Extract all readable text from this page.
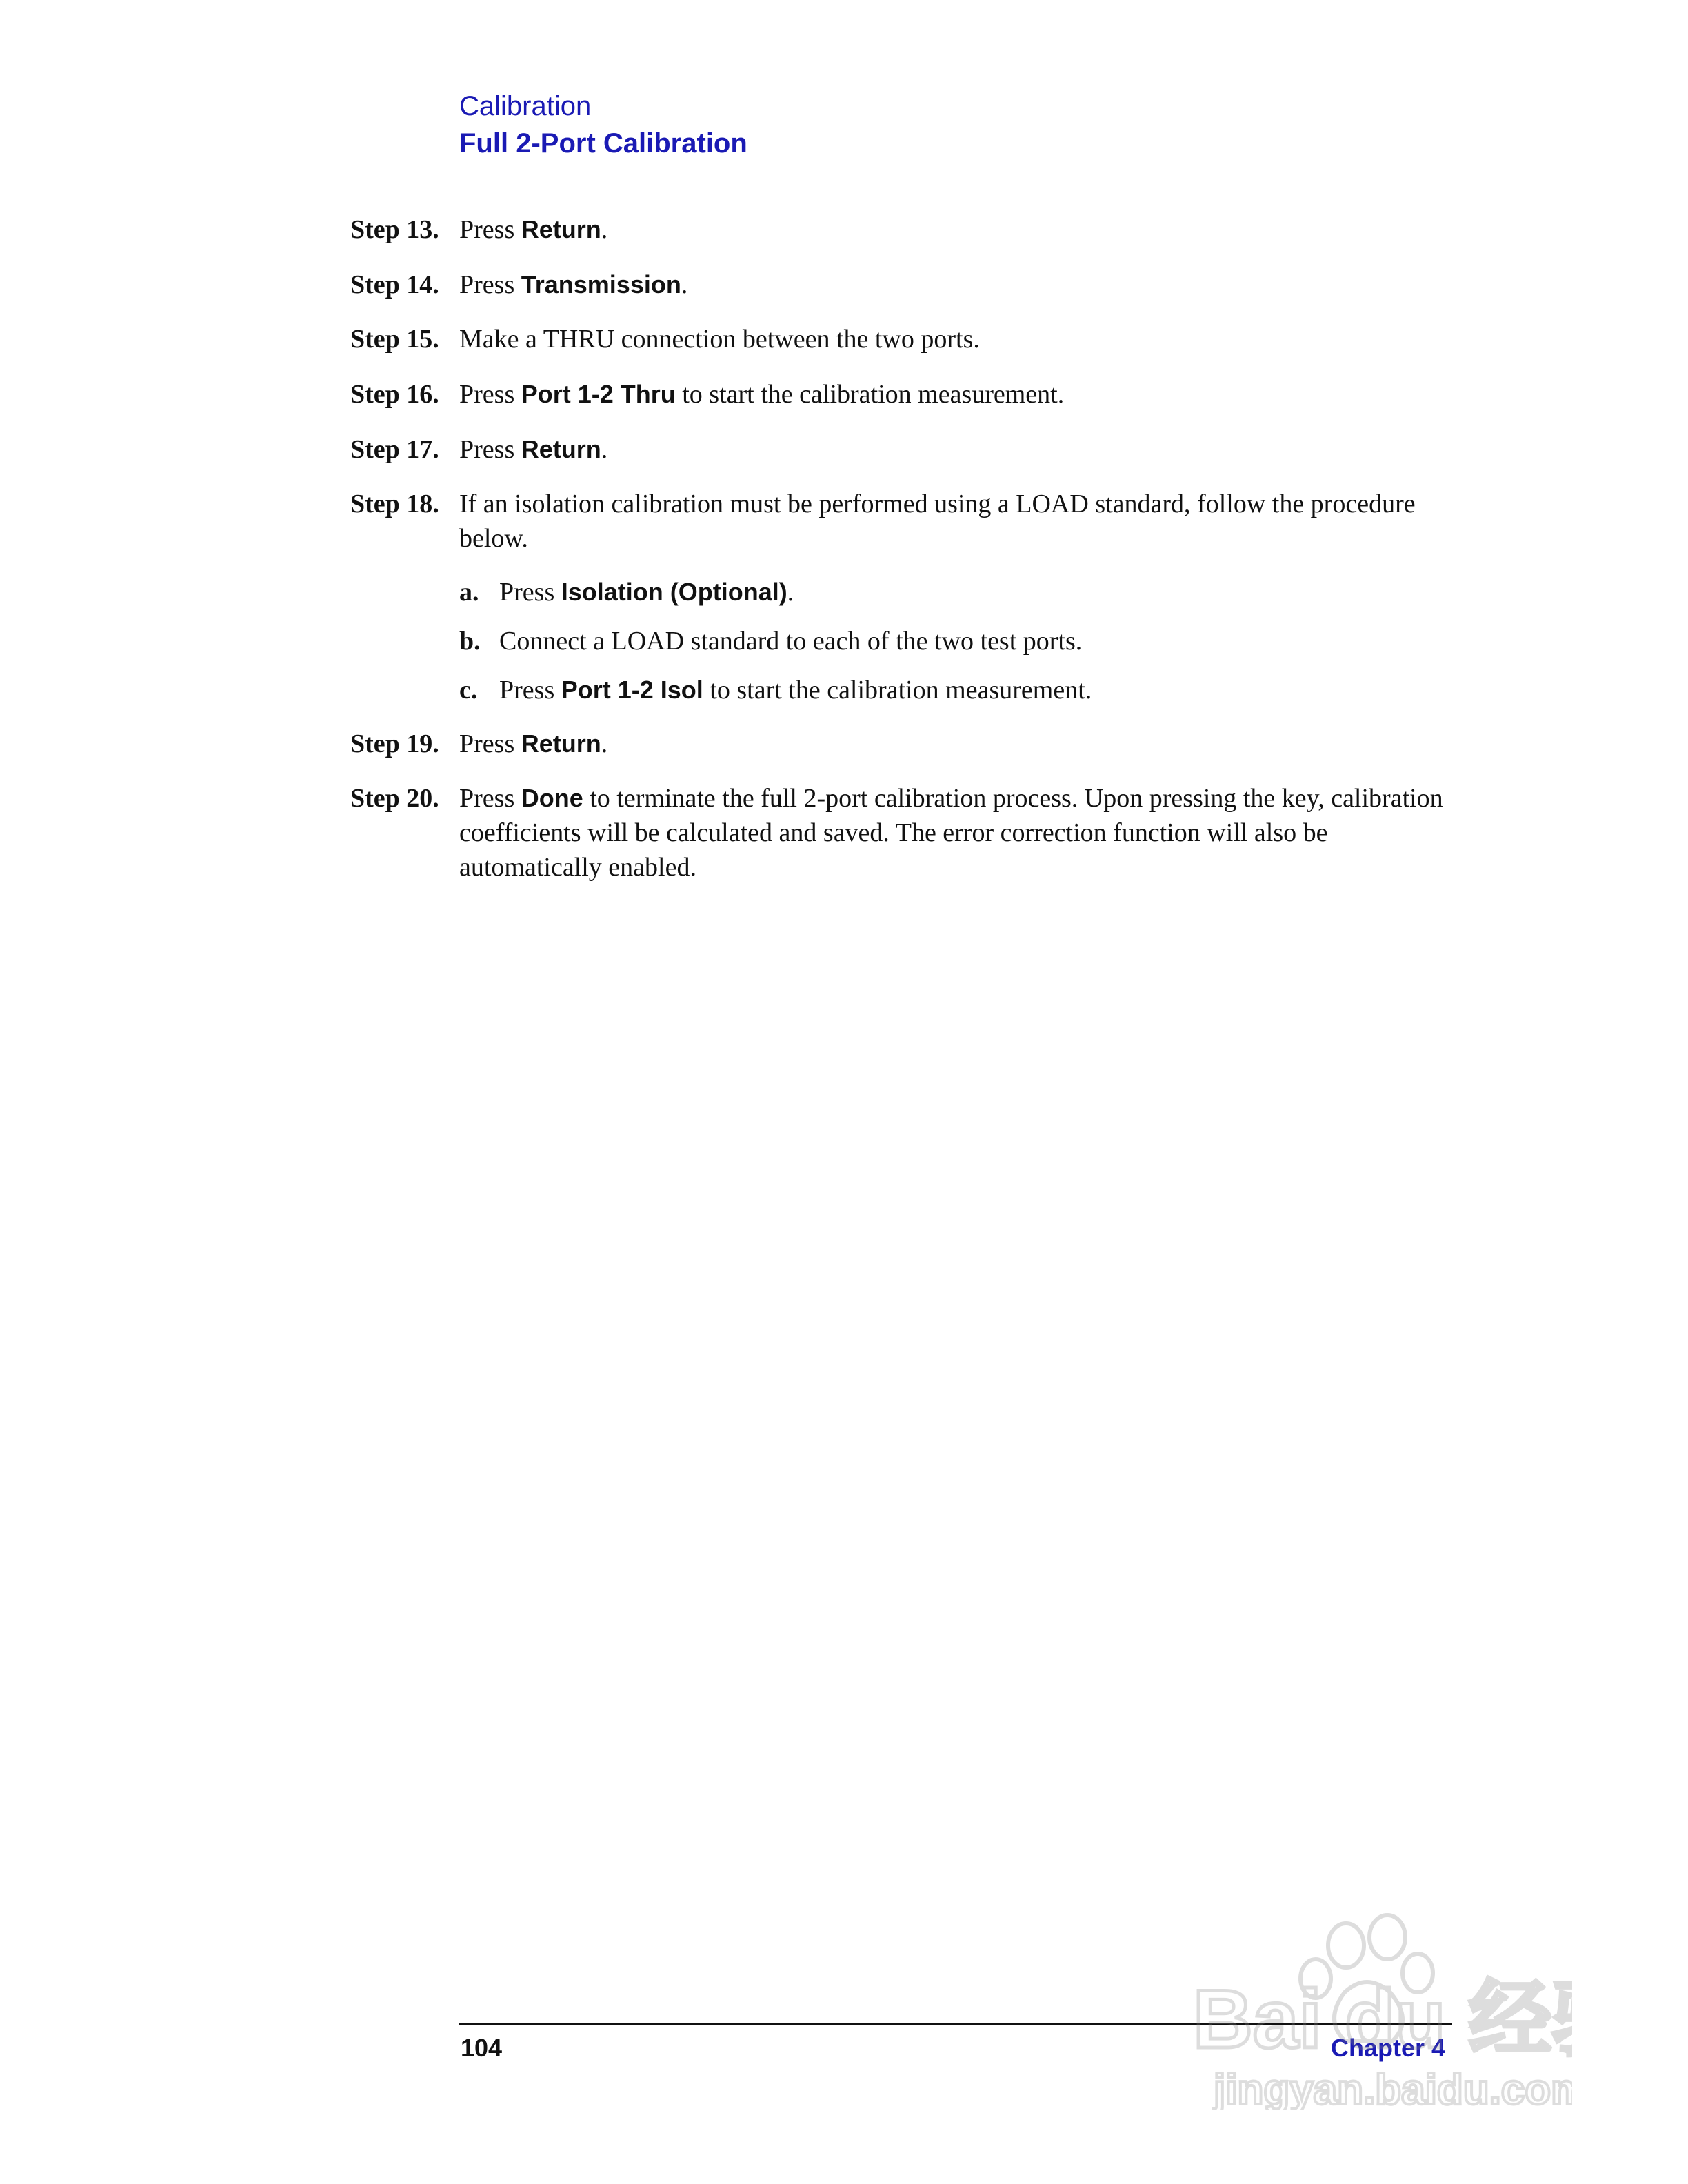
Calibration
Full 2-Port Calibration
Step 13. Press Return.
Step 14. Press Transmission.
Step 15. Make a THRU connection between the two ports.
Step 16. Press Port 1-2 Thru to start the calibration measurement.
Step 17. Press Return.
Step 18. If an isolation calibration must be performed using a LOAD standard, follow the procedure below.
a. Press Isolation (Optional).
b. Connect a LOAD standard to each of the two test ports.
c. Press Port 1-2 Isol to start the calibration measurement.
Step 19. Press Return.
Step 20. Press Done to terminate the full 2-port calibration process. Upon pressing the key, calibration coefficients will be calculated and saved. The error correction function will also be automatically enabled.
104	Chapter 4
Bai du 经
jingyan.baidu.com
